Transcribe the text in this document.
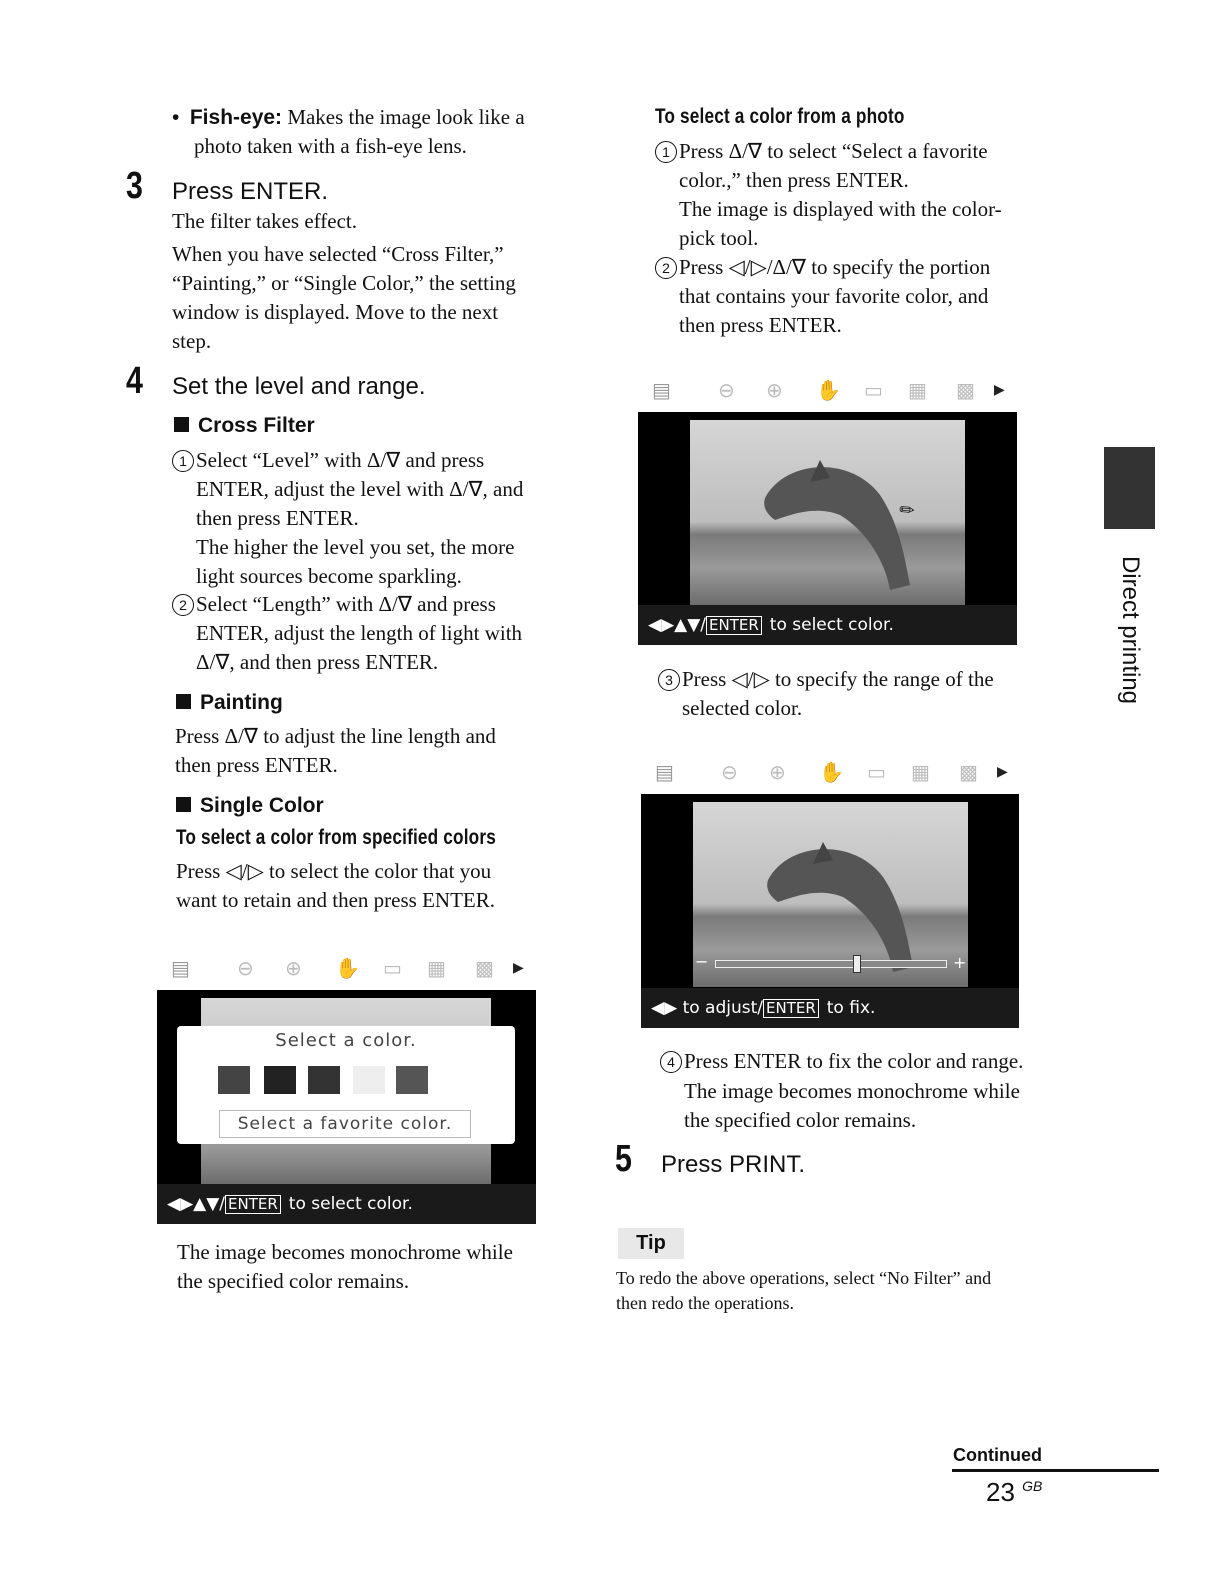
• Fish-eye: Makes the image look like a
photo taken with a fish-eye lens.
3 Press ENTER.
The filter takes effect.
When you have selected “Cross Filter,”
“Painting,” or “Single Color,” the setting
window is displayed. Move to the next
step.
4 Set the level and range.
Cross Filter
1 Select “Level” with Δ/∇ and press
ENTER, adjust the level with Δ/∇, and
then press ENTER.
The higher the level you set, the more
light sources become sparkling.
2 Select “Length” with Δ/∇ and press
ENTER, adjust the length of light with
Δ/∇, and then press ENTER.
Painting
Press Δ/∇ to adjust the line length and
then press ENTER.
Single Color
To select a color from specified colors
Press ◁/▷ to select the color that you
want to retain and then press ENTER.
▤ ⊖ ⊕ ✋ ▭ ▦ ▩ ▶
Select a color.
Select a favorite color.
◀▶▲▼/ ENTER to select color.
The image becomes monochrome while
the specified color remains.
To select a color from a photo
1 Press Δ/∇ to select “Select a favorite
color.,” then press ENTER.
The image is displayed with the color-
pick tool.
2 Press ◁/▷/Δ/∇ to specify the portion
that contains your favorite color, and
then press ENTER.
▤ ⊖ ⊕ ✋ ▭ ▦ ▩ ▶
✎
◀▶▲▼/ ENTER to select color.
3 Press ◁/▷ to specify the range of the
selected color.
▤ ⊖ ⊕ ✋ ▭ ▦ ▩ ▶
−	+
◀▶ to adjust/ ENTER to fix.
4 Press ENTER to fix the color and range.
The image becomes monochrome while
the specified color remains.
5 Press PRINT.
Tip
To redo the above operations, select “No Filter” and
then redo the operations.
Direct printing
Continued
23 $^{GB}$
